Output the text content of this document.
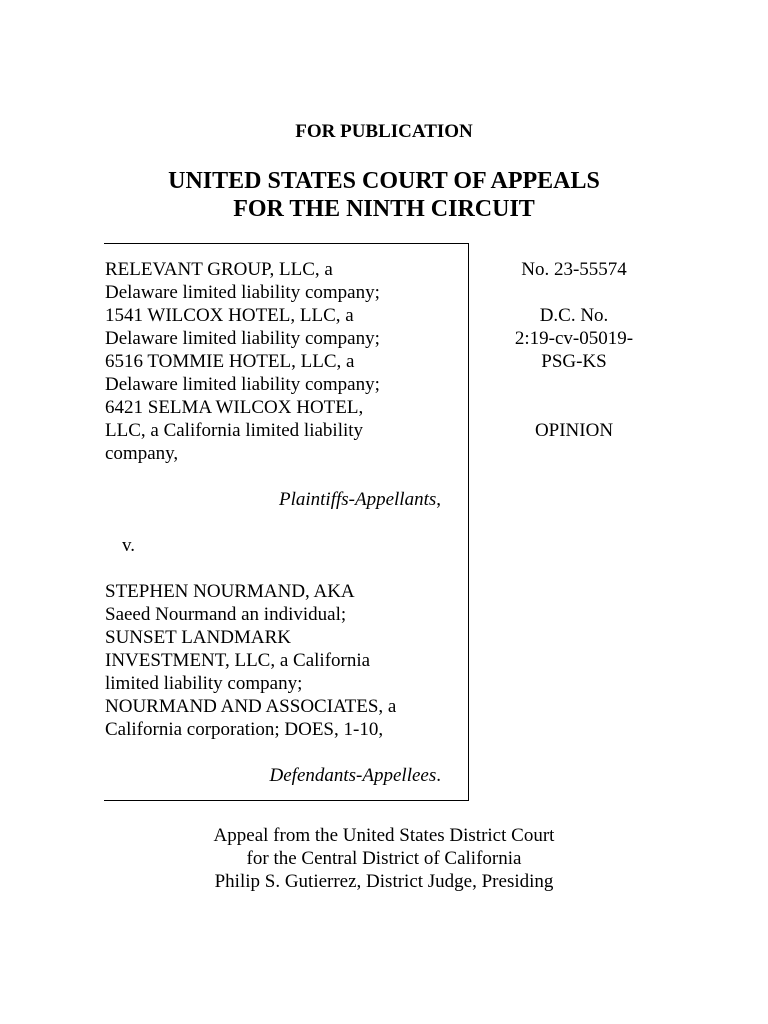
FOR PUBLICATION
UNITED STATES COURT OF APPEALS
FOR THE NINTH CIRCUIT

RELEVANT GROUP, LLC, a

Delaware limited liability company;

1541 WILCOX HOTEL, LLC, a

Delaware limited liability company;

6516 TOMMIE HOTEL, LLC, a

Delaware limited liability company;

6421 SELMA WILCOX HOTEL,

LLC, a California limited liability

company,

Plaintiffs-Appellants,

v.

STEPHEN NOURMAND, AKA

Saeed Nourmand an individual;

SUNSET LANDMARK

INVESTMENT, LLC, a California

limited liability company;

NOURMAND AND ASSOCIATES, a

California corporation; DOES, 1-10,

Defendants-Appellees.

No. 23-55574

D.C. No.

2:19-cv-05019-

PSG-KS

OPINION

Appeal from the United States District Court

for the Central District of California

Philip S. Gutierrez, District Judge, Presiding
